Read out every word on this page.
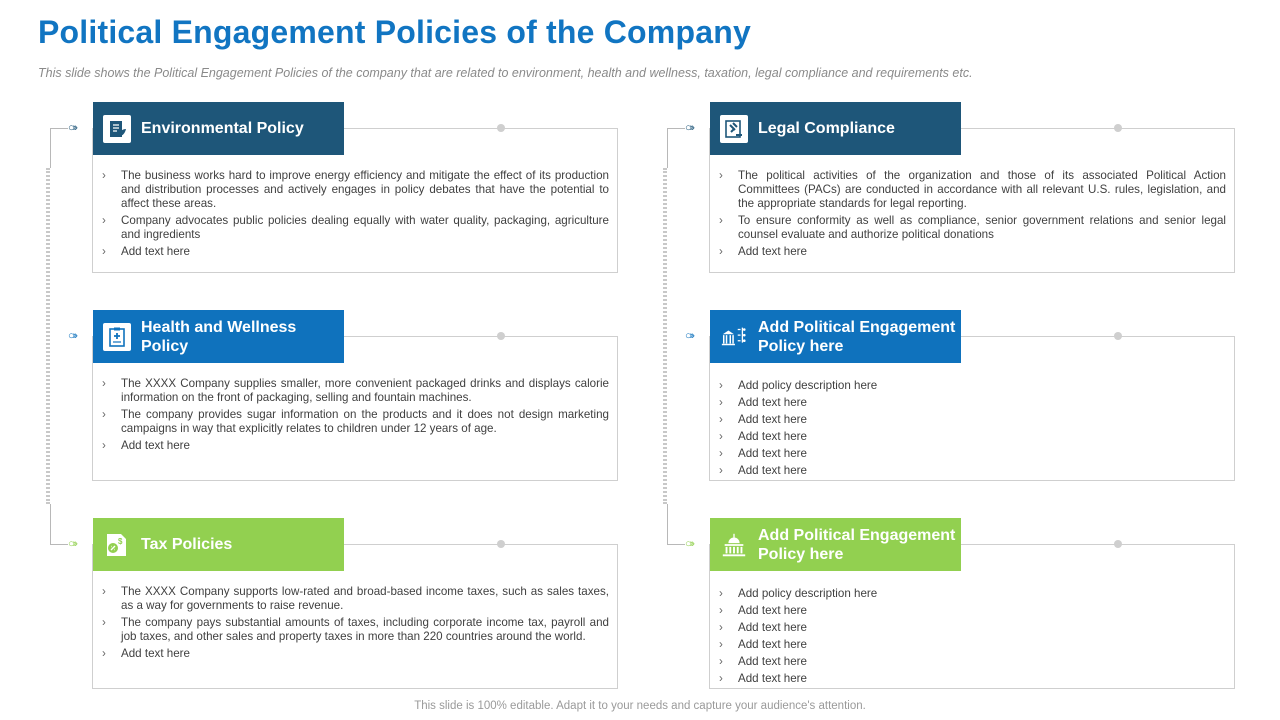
Political Engagement Policies of the Company
This slide shows the Political Engagement Policies of the company that are related to environment, health and wellness, taxation, legal compliance and requirements etc.
○››
○››
○››
○››
○››
○››
› The business works hard to improve energy efficiency and mitigate the effect of its production and distribution processes and actively engages in policy debates that have the potential to affect these areas.
› Company advocates public policies dealing equally with water quality, packaging, agriculture and ingredients
› Add text here
Environmental Policy
› The XXXX Company supplies smaller, more convenient packaged drinks and displays calorie information on the front of packaging, selling and fountain machines.
› The company provides sugar information on the products and it does not design marketing campaigns in way that explicitly relates to children under 12 years of age.
› Add text here
Health and Wellness Policy
› The XXXX Company supports low-rated and broad-based income taxes, such as sales taxes, as a way for governments to raise revenue.
› The company pays substantial amounts of taxes, including corporate income tax, payroll and job taxes, and other sales and property taxes in more than 220 countries around the world.
› Add text here
$ Tax Policies
› The political activities of the organization and those of its associated Political Action Committees (PACs) are conducted in accordance with all relevant U.S. rules, legislation, and the appropriate standards for legal reporting.
› To ensure conformity as well as compliance, senior government relations and senior legal counsel evaluate and authorize political donations
› Add text here
Legal Compliance
› Add policy description here
› Add text here
› Add text here
› Add text here
› Add text here
› Add text here
Add Political Engagement Policy here
› Add policy description here
› Add text here
› Add text here
› Add text here
› Add text here
› Add text here
Add Political Engagement Policy here
This slide is 100% editable. Adapt it to your needs and capture your audience's attention.
